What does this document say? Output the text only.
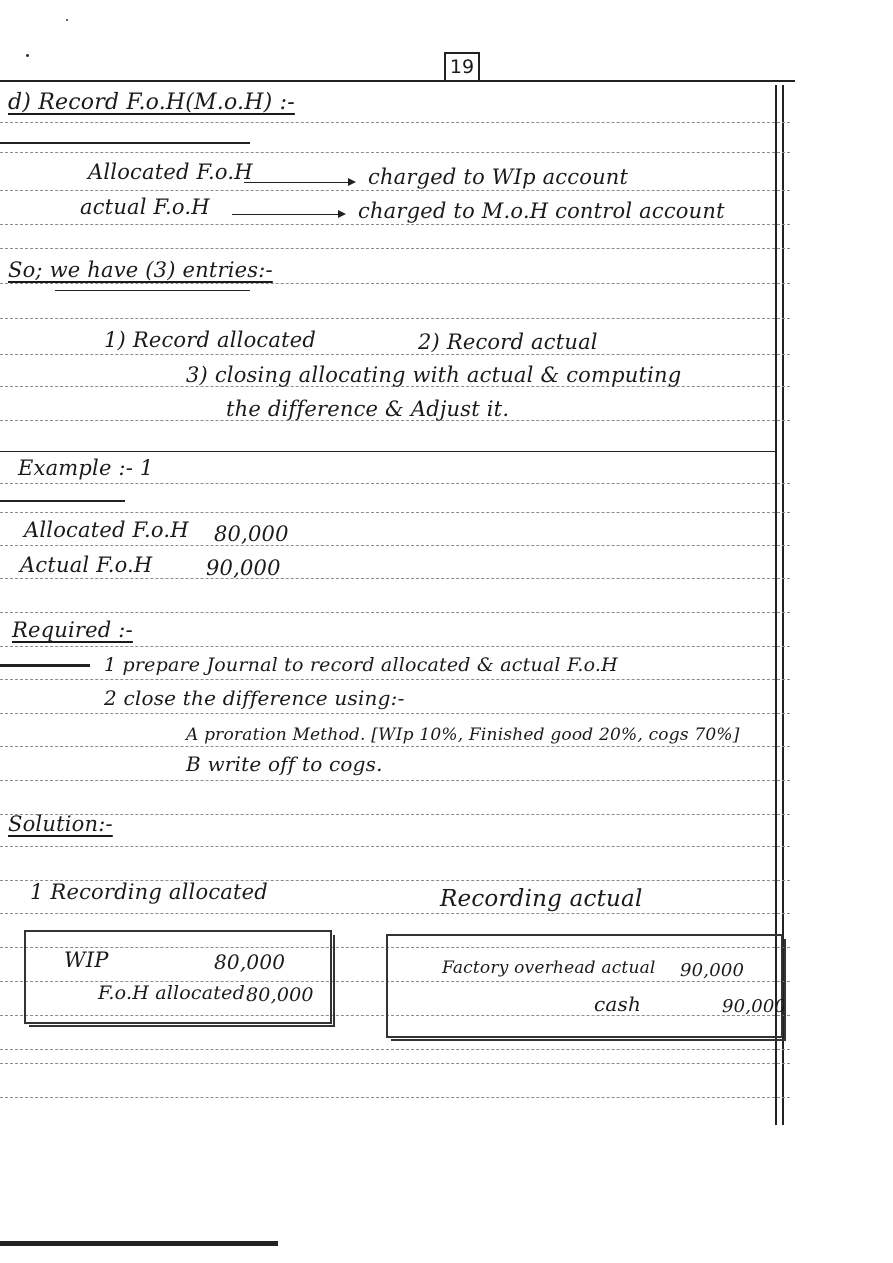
19
d) Record F.o.H(M.o.H) :-
Allocated F.o.H	charged to WIp account
actual F.o.H	charged to M.o.H control account
So; we have (3) entries:-
1) Record allocated	2) Record actual
3) closing allocating with actual & computing
the difference & Adjust it.
Example :- 1
Allocated F.o.H 80,000
Actual F.o.H	90,000
Required :-
1 prepare Journal to record allocated & actual F.o.H
2 close the difference using:-
A proration Method. [WIp 10%, Finished good 20%, cogs 70%]
B write off to cogs.
Solution:-
1 Recording allocated	Recording actual
WIP	80,000
F.o.H allocated 80,000
Factory overhead actual 90,000
cash	90,000
